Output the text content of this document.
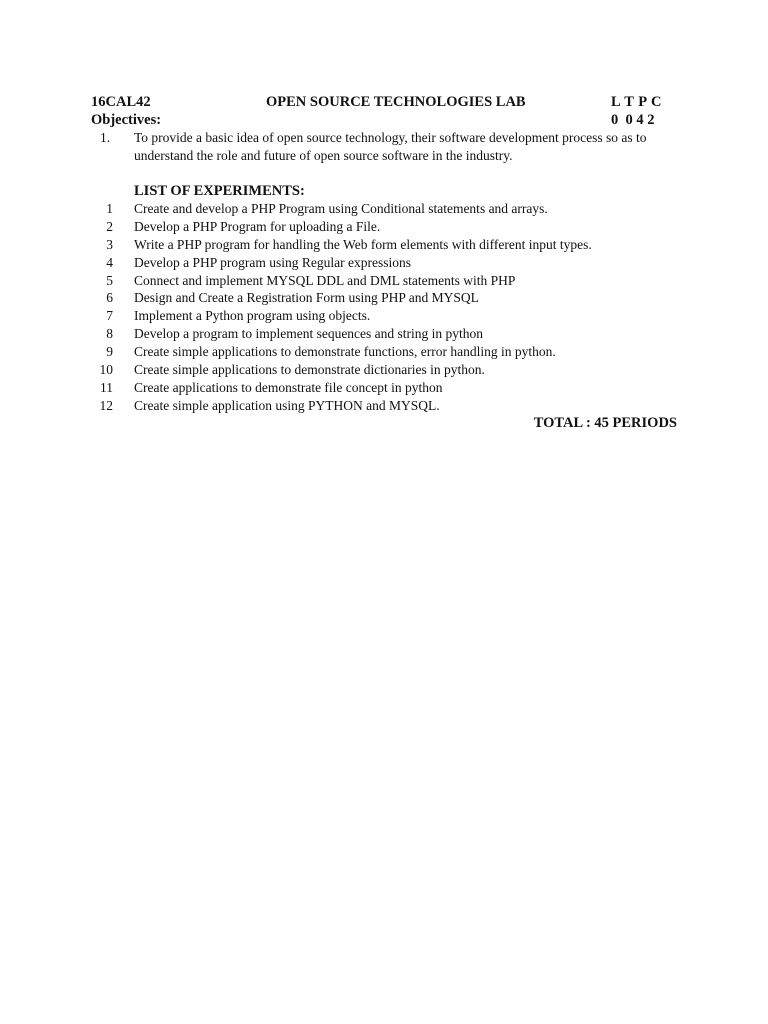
16CAL42	OPEN SOURCE TECHNOLOGIES LAB	L T P C
Objectives:	0  0 4 2
1. To provide a basic idea of open source technology, their software development process so as to understand the role and future of open source software in the industry.
LIST OF EXPERIMENTS:
1 Create and develop a PHP Program using Conditional statements and arrays.
2 Develop a PHP Program for uploading a File.
3 Write a PHP program for handling the Web form elements with different input types.
4 Develop a PHP program using Regular expressions
5 Connect and implement MYSQL DDL and DML statements with PHP
6 Design and Create a Registration Form using PHP and MYSQL
7 Implement a Python program using objects.
8 Develop a program to implement sequences and string in python
9 Create simple applications to demonstrate functions, error handling in python.
10 Create simple applications to demonstrate dictionaries in python.
11 Create applications to demonstrate file concept in python
12 Create simple application using PYTHON and MYSQL.
TOTAL : 45 PERIODS
